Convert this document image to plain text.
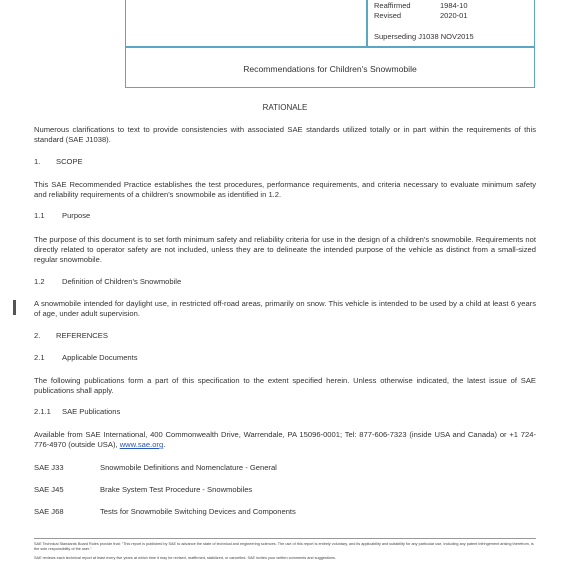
Reaffirmed	1984-10
Revised	2020-01
Superseding J1038 NOV2015
Recommendations for Children's Snowmobile
RATIONALE
Numerous clarifications to text to provide consistencies with associated SAE standards utilized totally or in part within the requirements of this standard (SAE J1038).
1. SCOPE
This SAE Recommended Practice establishes the test procedures, performance requirements, and criteria necessary to evaluate minimum safety and reliability requirements of a children's snowmobile as identified in 1.2.
1.1 Purpose
The purpose of this document is to set forth minimum safety and reliability criteria for use in the design of a children's snowmobile. Requirements not directly related to operator safety are not included, unless they are to delineate the intended purpose of the vehicle as distinct from a small-sized regular snowmobile.
1.2 Definition of Children's Snowmobile
A snowmobile intended for daylight use, in restricted off-road areas, primarily on snow. This vehicle is intended to be used by a child at least 6 years of age, under adult supervision.
2. REFERENCES
2.1 Applicable Documents
The following publications form a part of this specification to the extent specified herein. Unless otherwise indicated, the latest issue of SAE publications shall apply.
2.1.1 SAE Publications
Available from SAE International, 400 Commonwealth Drive, Warrendale, PA 15096-0001; Tel: 877-606-7323 (inside USA and Canada) or +1 724-776-4970 (outside USA), www.sae.org.
SAE J33	Snowmobile Definitions and Nomenclature - General
SAE J45	Brake System Test Procedure - Snowmobiles
SAE J68	Tests for Snowmobile Switching Devices and Components
SAE Technical Standards Board Rules provide that: "This report is published by SAE to advance the state of technical and engineering sciences. The use of this report is entirely voluntary, and its applicability and suitability for any particular use, including any patent infringement arising therefrom, is the sole responsibility of the user."
SAE reviews each technical report at least every five years at which time it may be revised, reaffirmed, stabilized, or cancelled. SAE invites your written comments and suggestions.
